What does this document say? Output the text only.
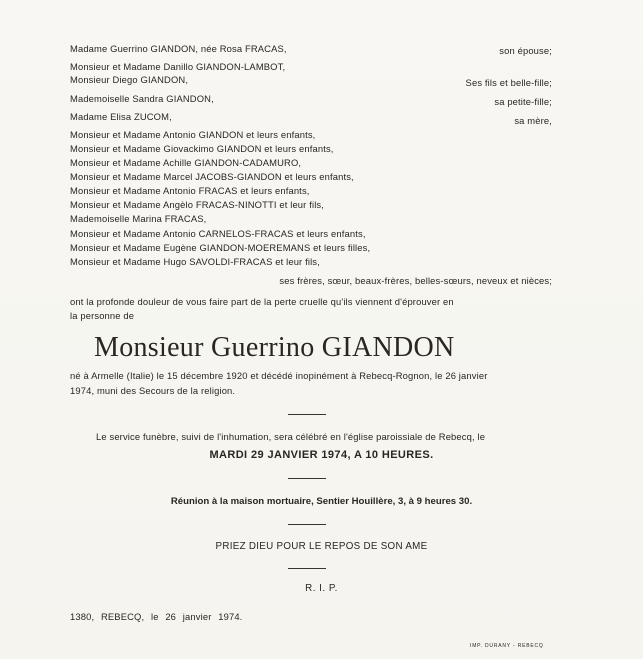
Madame Guerrino GIANDON, née Rosa FRACAS,
Monsieur et Madame Danillo GIANDON-LAMBOT,
Monsieur Diego GIANDON,
Mademoiselle Sandra GIANDON,
Madame Elisa ZUCOM,
Monsieur et Madame Antonio GIANDON et leurs enfants,
Monsieur et Madame Giovackimo GIANDON et leurs enfants,
Monsieur et Madame Achille GIANDON-CADAMURO,
Monsieur et Madame Marcel JACOBS-GIANDON et leurs enfants,
Monsieur et Madame Antonio FRACAS et leurs enfants,
Monsieur et Madame Angèlo FRACAS-NINOTTI et leur fils,
Mademoiselle Marina FRACAS,
Monsieur et Madame Antonio CARNELOS-FRACAS et leurs enfants,
Monsieur et Madame Eugène GIANDON-MOEREMANS et leurs filles,
Monsieur et Madame Hugo SAVOLDI-FRACAS et leur fils,
son épouse;
Ses fils et belle-fille;
sa petite-fille;
sa mère,
ses frères, sœur, beaux-frères, belles-sœurs, neveux et nièces;
ont la profonde douleur de vous faire part de la perte cruelle qu'ils viennent d'éprouver en
la personne de
Monsieur Guerrino GIANDON
né à Armelle (Italie) le 15 décembre 1920 et décédé inopinément à Rebecq-Rognon, le 26 janvier
1974, muni des Secours de la religion.
Le service funèbre, suivi de l'inhumation, sera célébré en l'église paroissiale de Rebecq, le
MARDI 29 JANVIER 1974, A 10 HEURES.
Réunion à la maison mortuaire, Sentier Houillère, 3, à 9 heures 30.
PRIEZ DIEU POUR LE REPOS DE SON AME
R. I. P.
1380, REBECQ, le 26 janvier 1974.
IMP. DURANY - REBECQ
